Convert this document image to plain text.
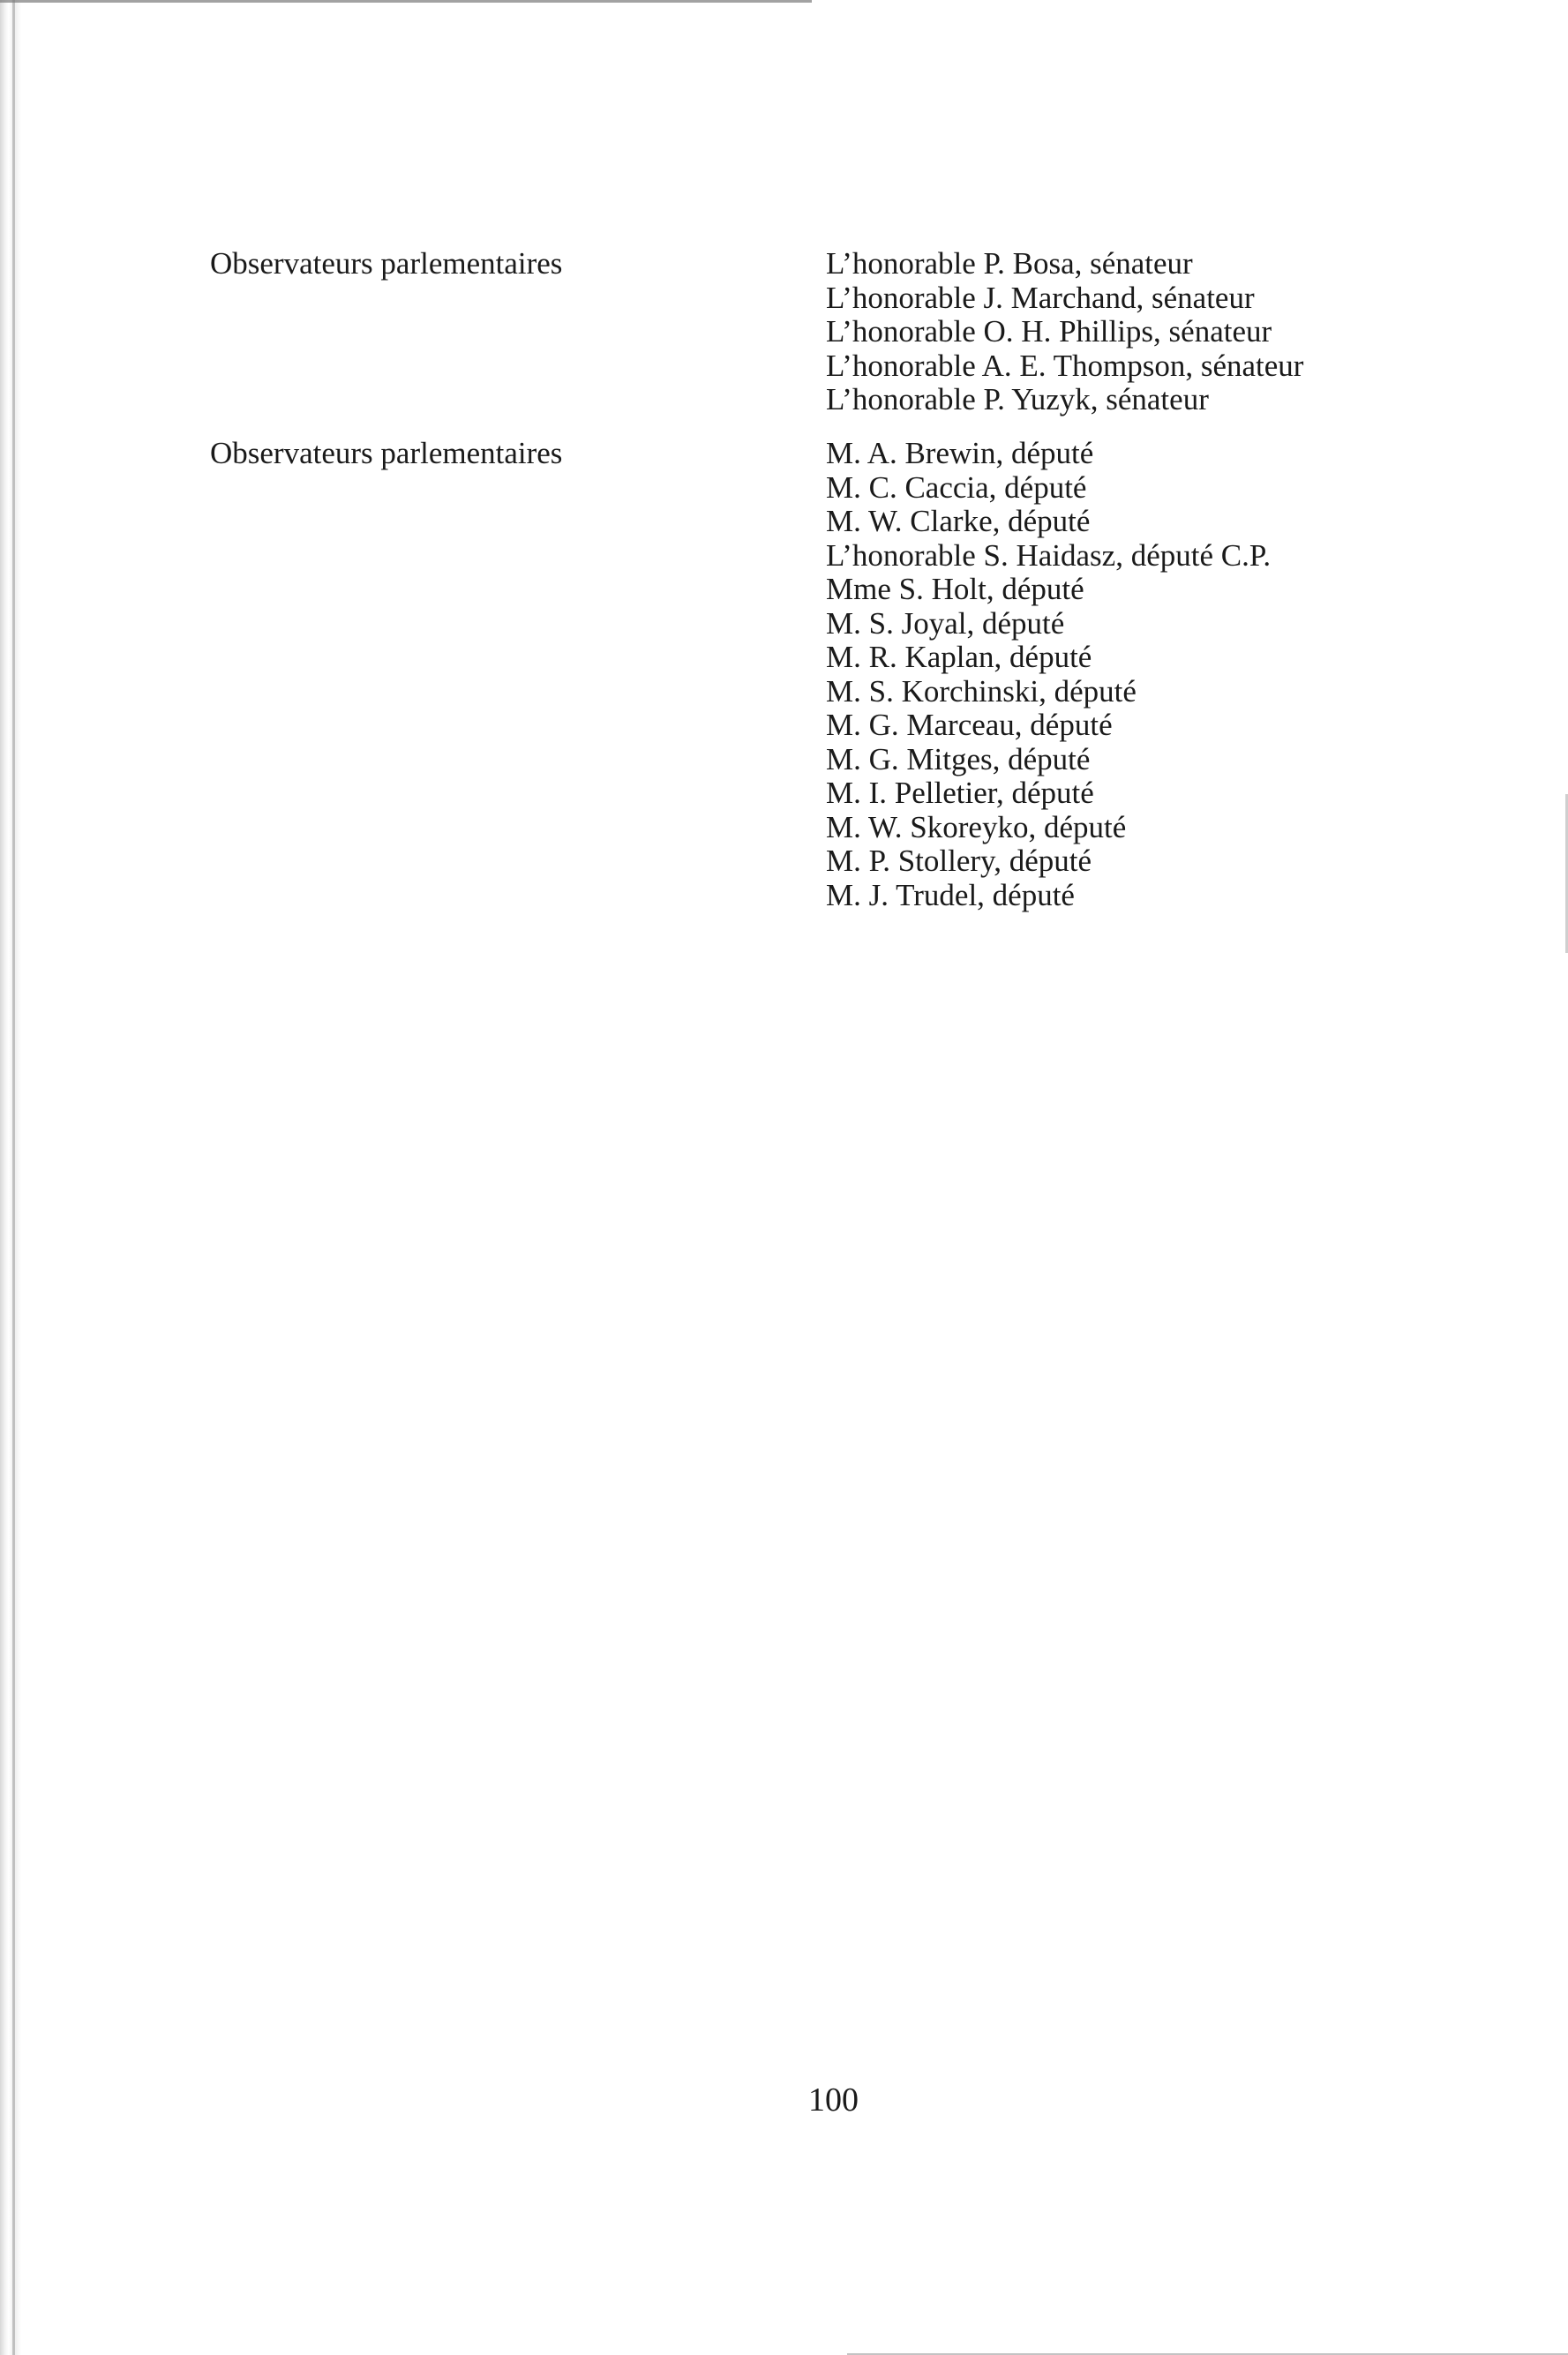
Observateurs parlementaires	L’honorable P. Bosa, sénateur
L’honorable J. Marchand, sénateur
L’honorable O. H. Phillips, sénateur
L’honorable A. E. Thompson, sénateur
L’honorable P. Yuzyk, sénateur
Observateurs parlementaires	M. A. Brewin, député
M. C. Caccia, député
M. W. Clarke, député
L’honorable S. Haidasz, député C.P.
Mme S. Holt, député
M. S. Joyal, député
M. R. Kaplan, député
M. S. Korchinski, député
M. G. Marceau, député
M. G. Mitges, député
M. I. Pelletier, député
M. W. Skoreyko, député
M. P. Stollery, député
M. J. Trudel, député
100
